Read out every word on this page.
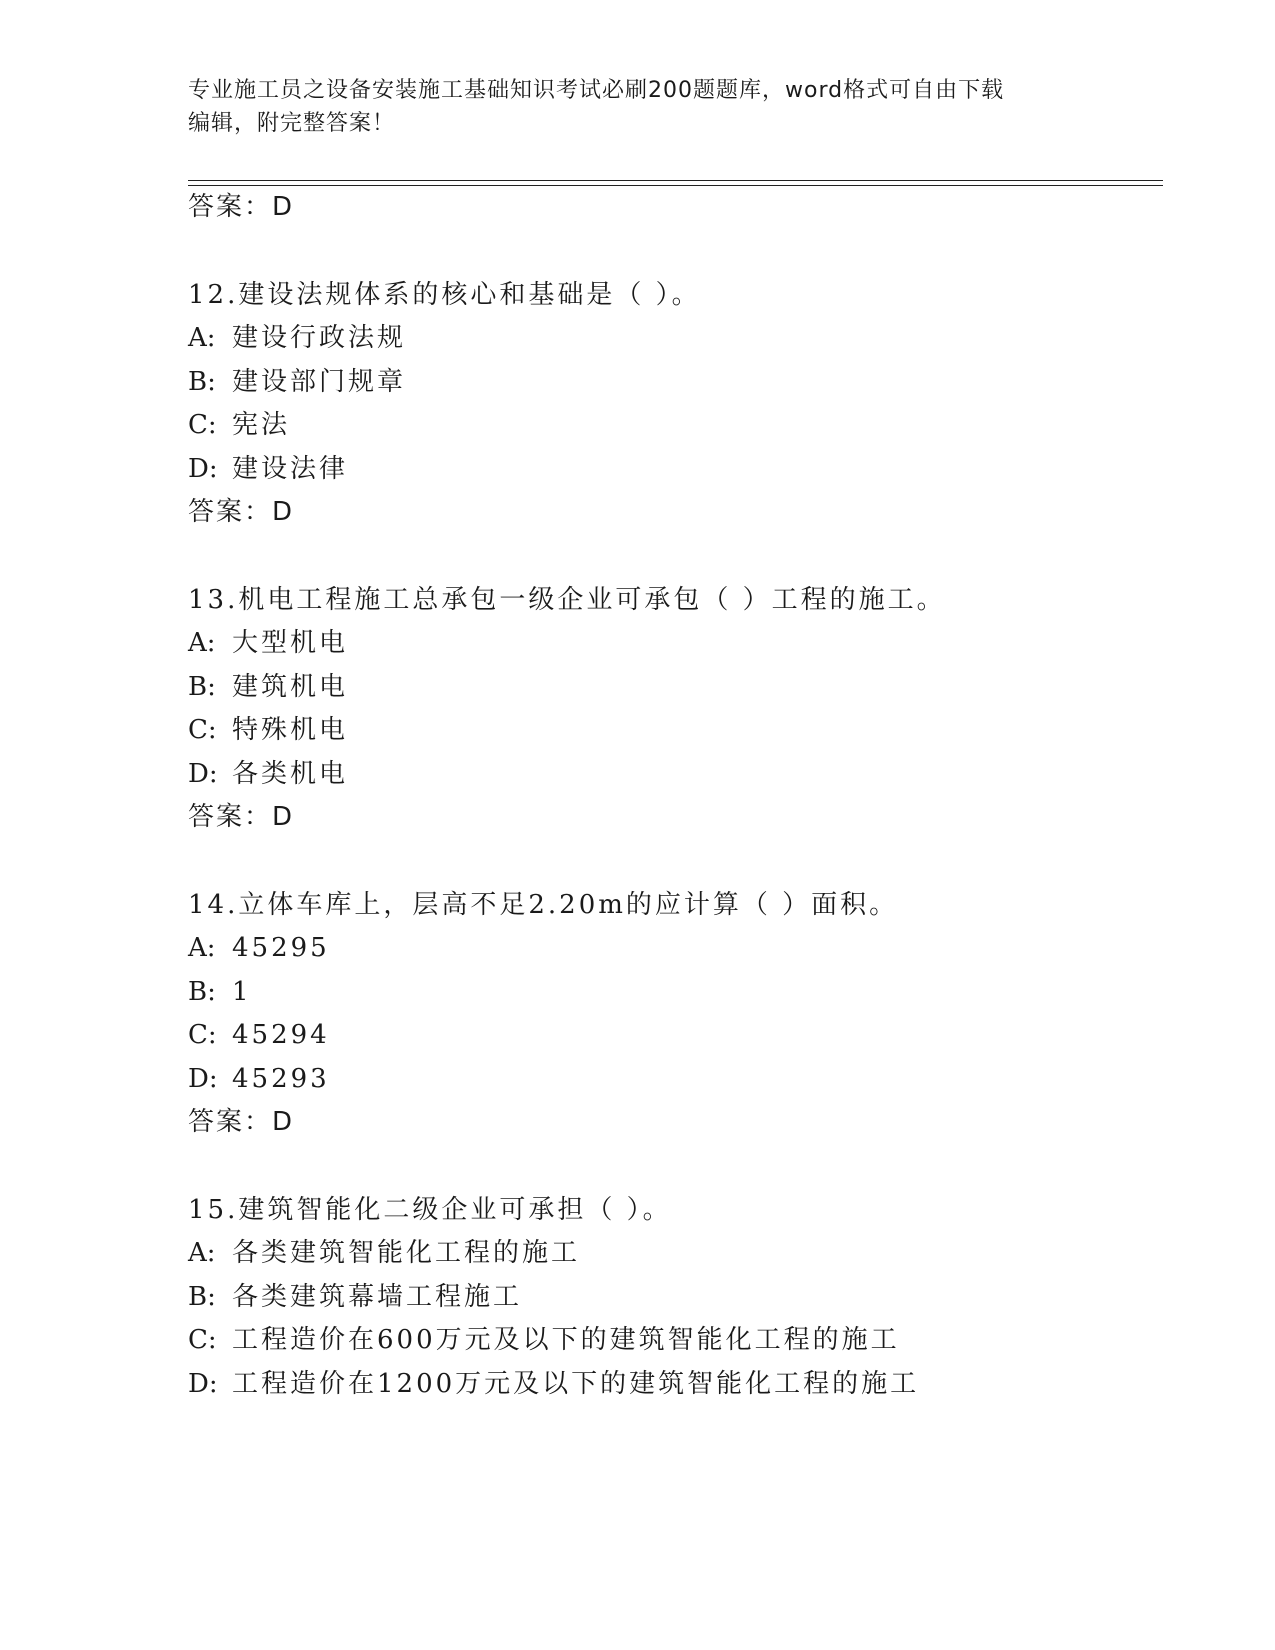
专业施工员之设备安装施工基础知识考试必刷200题题库，word格式可自由下载
编辑，附完整答案！
答案：D
12.建设法规体系的核心和基础是（ ）。
A: 建设行政法规
B: 建设部门规章
C: 宪法
D: 建设法律
答案：D
13.机电工程施工总承包一级企业可承包（ ）工程的施工。
A: 大型机电
B: 建筑机电
C: 特殊机电
D: 各类机电
答案：D
14.立体车库上，层高不足2.20m的应计算（ ）面积。
A: 45295
B: 1
C: 45294
D: 45293
答案：D
15.建筑智能化二级企业可承担（ ）。
A: 各类建筑智能化工程的施工
B: 各类建筑幕墙工程施工
C: 工程造价在600万元及以下的建筑智能化工程的施工
D: 工程造价在1200万元及以下的建筑智能化工程的施工
